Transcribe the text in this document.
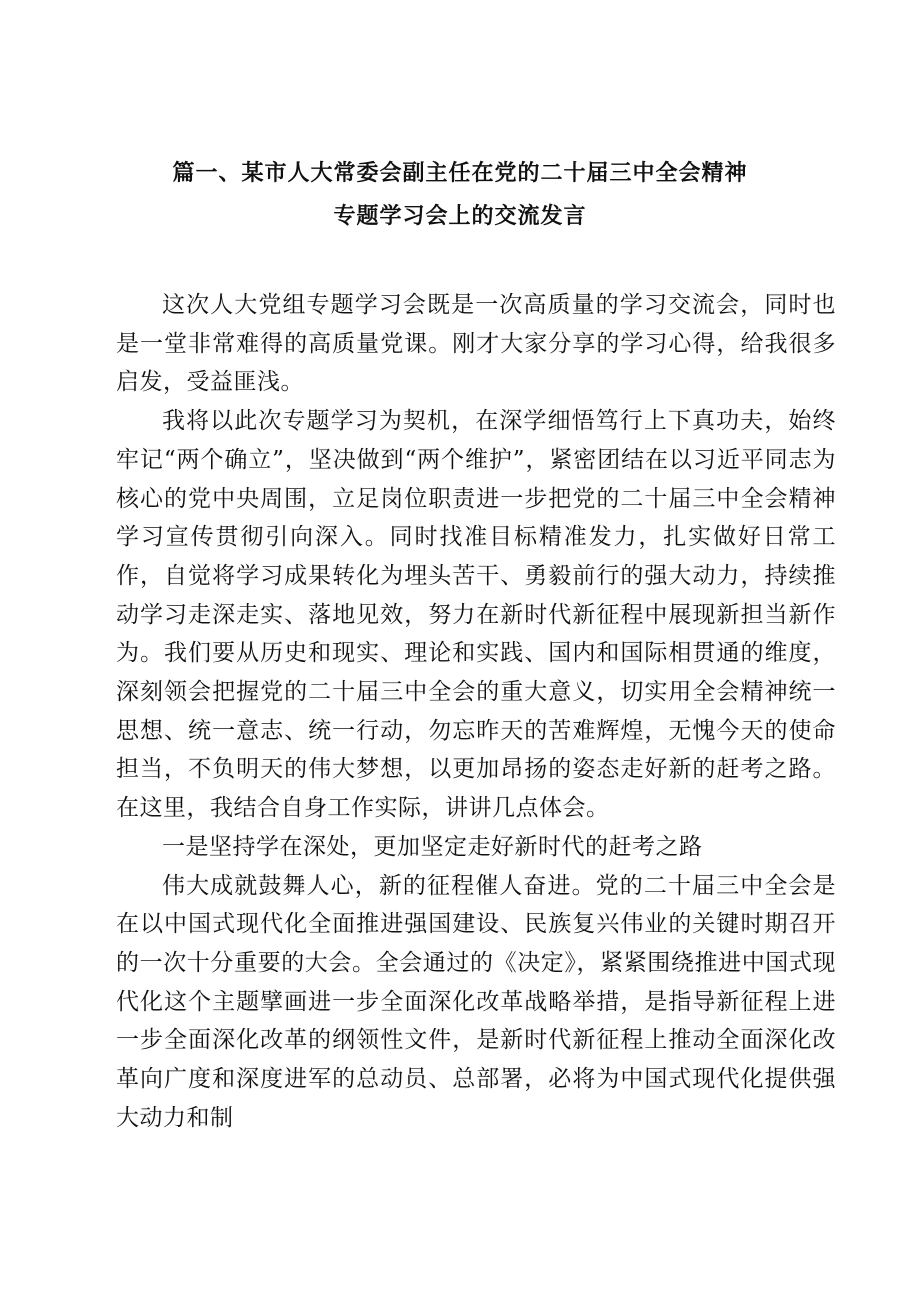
篇一、某市人大常委会副主任在党的二十届三中全会精神
专题学习会上的交流发言

这次人大党组专题学习会既是一次高质量的学习交流会，同时也是一堂非常难得的高质量党课。刚才大家分享的学习心得，给我很多启发，受益匪浅。

我将以此次专题学习为契机，在深学细悟笃行上下真功夫，始终牢记“两个确立”，坚决做到“两个维护”，紧密团结在以习近平同志为核心的党中央周围，立足岗位职责进一步把党的二十届三中全会精神学习宣传贯彻引向深入。同时找准目标精准发力，扎实做好日常工作，自觉将学习成果转化为埋头苦干、勇毅前行的强大动力，持续推动学习走深走实、落地见效，努力在新时代新征程中展现新担当新作为。我们要从历史和现实、理论和实践、国内和国际相贯通的维度，深刻领会把握党的二十届三中全会的重大意义，切实用全会精神统一思想、统一意志、统一行动，勿忘昨天的苦难辉煌，无愧今天的使命担当，不负明天的伟大梦想，以更加昂扬的姿态走好新的赶考之路。在这里，我结合自身工作实际，讲讲几点体会。

一是坚持学在深处，更加坚定走好新时代的赶考之路

伟大成就鼓舞人心，新的征程催人奋进。党的二十届三中全会是在以中国式现代化全面推进强国建设、民族复兴伟业的关键时期召开的一次十分重要的大会。全会通过的《决定》，紧紧围绕推进中国式现代化这个主题擘画进一步全面深化改革战略举措，是指导新征程上进一步全面深化改革的纲领性文件，是新时代新征程上推动全面深化改革向广度和深度进军的总动员、总部署，必将为中国式现代化提供强大动力和制
